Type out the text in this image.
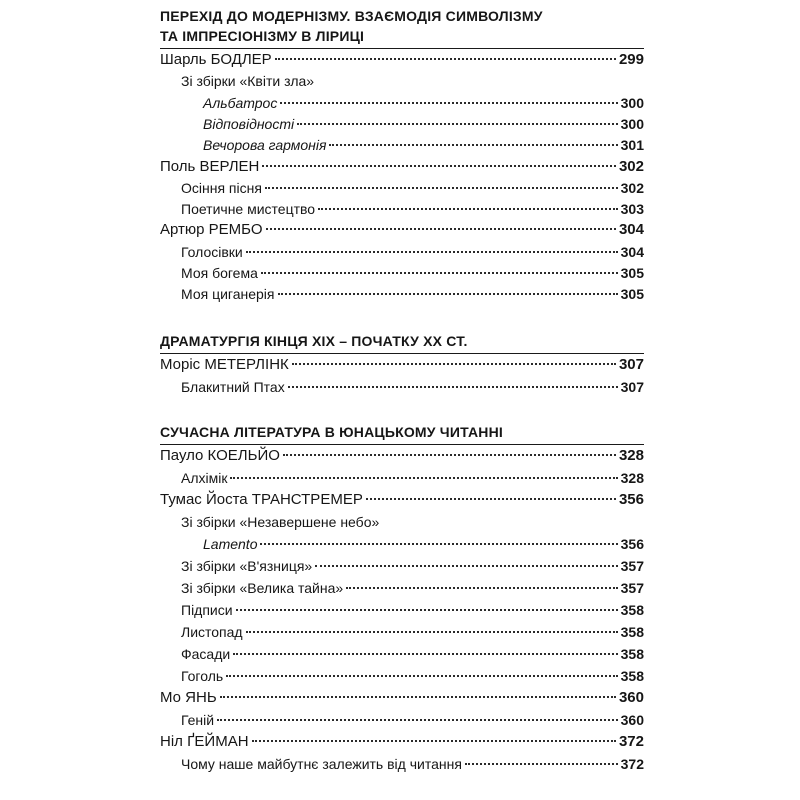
ПЕРЕХІД ДО МОДЕРНІЗМУ. ВЗАЄМОДІЯ СИМВОЛІЗМУ
ТА ІМПРЕСІОНІЗМУ В ЛІРИЦІ
Шарль БОДЛЕР	299
Зі збірки «Квіти зла»
Альбатрос	300
Відповідності	300
Вечорова гармонія	301
Поль ВЕРЛЕН	302
Осіння пісня	302
Поетичне мистецтво	303
Артюр РЕМБО	304
Голосівки	304
Моя богема	305
Моя циганерія	305
ДРАМАТУРГІЯ КІНЦЯ XIX – ПОЧАТКУ XX СТ.
Моріс МЕТЕРЛІНК	307
Блакитний Птах	307
СУЧАСНА ЛІТЕРАТУРА В ЮНАЦЬКОМУ ЧИТАННІ
Пауло КОЕЛЬЙО	328
Алхімік	328
Тумас Йоста ТРАНСТРЕМЕР	356
Зі збірки «Незавершене небо»
Lamento	356
Зі збірки «В'язниця»	357
Зі збірки «Велика тайна»	357
Підписи	358
Листопад	358
Фасади	358
Гоголь	358
Мо ЯНЬ	360
Геній	360
Ніл ҐЕЙМАН	372
Чому наше майбутнє залежить від читання	372
